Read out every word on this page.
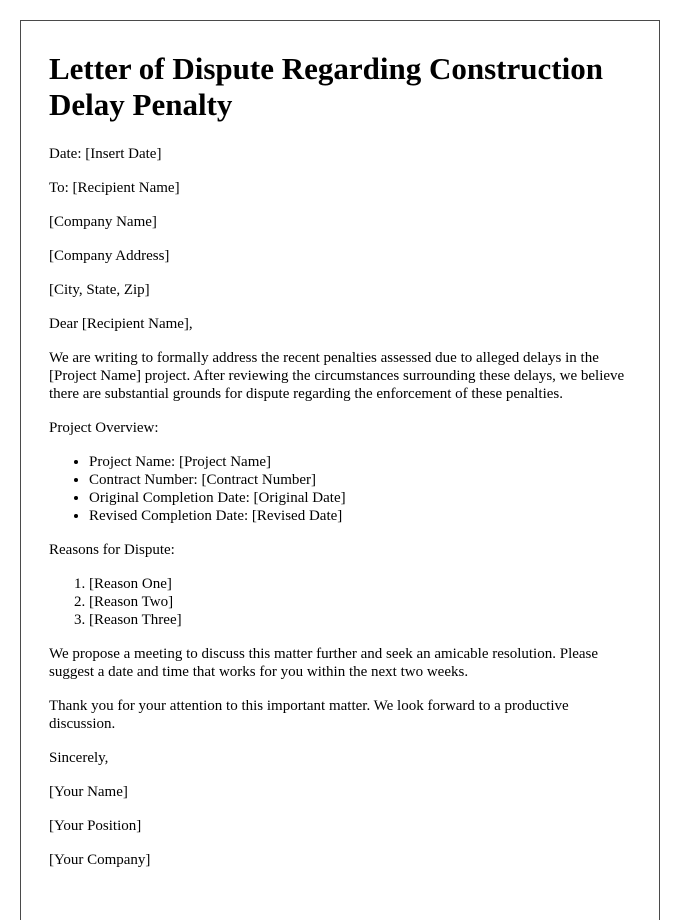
Letter of Dispute Regarding Construction Delay Penalty

Date: [Insert Date]

To: [Recipient Name]

[Company Name]

[Company Address]

[City, State, Zip]

Dear [Recipient Name],

We are writing to formally address the recent penalties assessed due to alleged delays in the [Project Name] project. After reviewing the circumstances surrounding these delays, we believe there are substantial grounds for dispute regarding the enforcement of these penalties.

Project Overview:

• Project Name: [Project Name]
• Contract Number: [Contract Number]
• Original Completion Date: [Original Date]
• Revised Completion Date: [Revised Date]

Reasons for Dispute:

1. [Reason One]
2. [Reason Two]
3. [Reason Three]

We propose a meeting to discuss this matter further and seek an amicable resolution. Please suggest a date and time that works for you within the next two weeks.

Thank you for your attention to this important matter. We look forward to a productive discussion.

Sincerely,

[Your Name]

[Your Position]

[Your Company]
